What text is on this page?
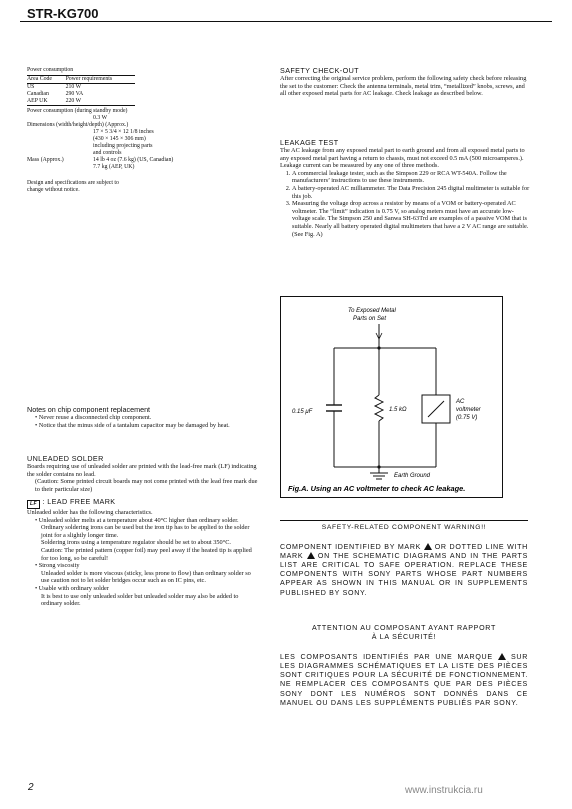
STR-KG700

Power consumption

Area Code	Power requirements
US	210 W
Canadian	290 VA
AEP UK	220 W

Power consumption (during standby mode)

0.3 W

Dimensions (width/height/depth) (Approx.)

17 × 5 3/4 × 12 1/8 inches

(430 × 145 × 306 mm)

including projecting parts

and controls

Mass (Approx.)	14 lb 4 oz (7.6 kg) (US, Canadian)

7.7 kg (AEP, UK)

Design and specifications are subject to

change without notice.

Notes on chip component replacement
• Never reuse a disconnected chip component.
• Notice that the minus side of a tantalum capacitor may be damaged by heat.
UNLEADED SOLDER

Boards requiring use of unleaded solder are printed with the lead-free mark (LF) indicating the solder contains no lead.

(Caution: Some printed circuit boards may not come printed with the lead free mark due to their particular size)

LF : LEAD FREE MARK

Unleaded solder has the following characteristics.

• Unleaded solder melts at a temperature about 40°C higher than ordinary solder.

Ordinary soldering irons can be used but the iron tip has to be applied to the solder joint for a slightly longer time.

Soldering irons using a temperature regulator should be set to about 350°C.

Caution: The printed pattern (copper foil) may peel away if the heated tip is applied for too long, so be careful!

• Strong viscosity

Unleaded solder is more viscous (sticky, less prone to flow) than ordinary solder so use caution not to let solder bridges occur such as on IC pins, etc.

• Usable with ordinary solder

It is best to use only unleaded solder but unleaded solder may also be added to ordinary solder.

SAFETY CHECK-OUT

After correcting the original service problem, perform the following safety check before releasing the set to the customer: Check the antenna terminals, metal trim, “metallized” knobs, screws, and all other exposed metal parts for AC leakage. Check leakage as described below.

LEAKAGE TEST

The AC leakage from any exposed metal part to earth ground and from all exposed metal parts to any exposed metal part having a return to chassis, must not exceed 0.5 mA (500 microamperes.). Leakage current can be measured by any one of three methods.

1. A commercial leakage tester, such as the Simpson 229 or RCA WT-540A. Follow the manufacturers’ instructions to use these instruments.
2. A battery-operated AC milliammeter. The Data Precision 245 digital multimeter is suitable for this job.
3. Measuring the voltage drop across a resistor by means of a VOM or battery-operated AC voltmeter. The “limit” indication is 0.75 V, so analog meters must have an accurate low-voltage scale. The Simpson 250 and Sanwa SH-63Trd are examples of a passive VOM that is suitable. Nearly all battery operated digital multimeters that have a 2 V AC range are suitable. (See Fig. A)
To Exposed Metal
Parts on Set
0.15 μF	1.5 kΩ
AC
voltmeter
(0.75 V)
Earth Ground
Fig.A. Using an AC voltmeter to check AC leakage.
SAFETY-RELATED COMPONENT WARNING!!

COMPONENT IDENTIFIED BY MARK OR DOTTED LINE WITH MARK ON THE SCHEMATIC DIAGRAMS AND IN THE PARTS LIST ARE CRITICAL TO SAFE OPERATION. REPLACE THESE COMPONENTS WITH SONY PARTS WHOSE PART NUMBERS APPEAR AS SHOWN IN THIS MANUAL OR IN SUPPLEMENTS PUBLISHED BY SONY.

ATTENTION AU COMPOSANT AYANT RAPPORT
À LA SÉCURITÉ!

LES COMPOSANTS IDENTIFIÉS PAR UNE MARQUE	SUR LES DIAGRAMMES SCHÉMATIQUES ET LA LISTE DES PIÈCES SONT CRITIQUES POUR LA SÉCURITÉ DE FONCTIONNEMENT. NE REMPLACER CES COMPOSANTS QUE PAR DES PIÈCES SONY DONT LES NUMÉROS SONT DONNÉS DANS CE MANUEL OU DANS LES SUPPLÉMENTS PUBLIÉS PAR SONY.

2	www.instrukcia.ru
